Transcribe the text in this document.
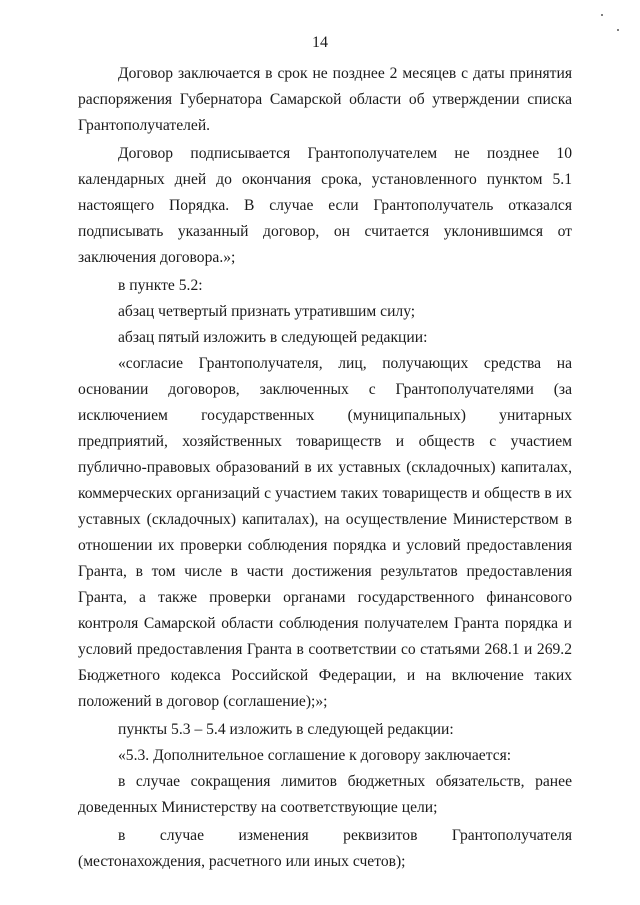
14

Договор заключается в срок не позднее 2 месяцев с даты принятия распоряжения Губернатора Самарской области об утверждении списка Грантополучателей.

Договор подписывается Грантополучателем не позднее 10 календарных дней до окончания срока, установленного пунктом 5.1 настоящего Порядка. В случае если Грантополучатель отказался подписывать указанный договор, он считается уклонившимся от заключения договора.»;

в пункте 5.2:

абзац четвертый признать утратившим силу;

абзац пятый изложить в следующей редакции:

«согласие Грантополучателя, лиц, получающих средства на основании договоров, заключенных с Грантополучателями (за исключением государственных (муниципальных) унитарных предприятий, хозяйственных товариществ и обществ с участием публично-правовых образований в их уставных (складочных) капиталах, коммерческих организаций с участием таких товариществ и обществ в их уставных (складочных) капиталах), на осуществление Министерством в отношении их проверки соблюдения порядка и условий предоставления Гранта, в том числе в части достижения результатов предоставления Гранта, а также проверки органами государственного финансового контроля Самарской области соблюдения получателем Гранта порядка и условий предоставления Гранта в соответствии со статьями 268.1 и 269.2 Бюджетного кодекса Российской Федерации, и на включение таких положений в договор (соглашение);»;

пункты 5.3 – 5.4 изложить в следующей редакции:

«5.3. Дополнительное соглашение к договору заключается:

в случае сокращения лимитов бюджетных обязательств, ранее доведенных Министерству на соответствующие цели;

в случае изменения реквизитов Грантополучателя (местонахождения, расчетного или иных счетов);
